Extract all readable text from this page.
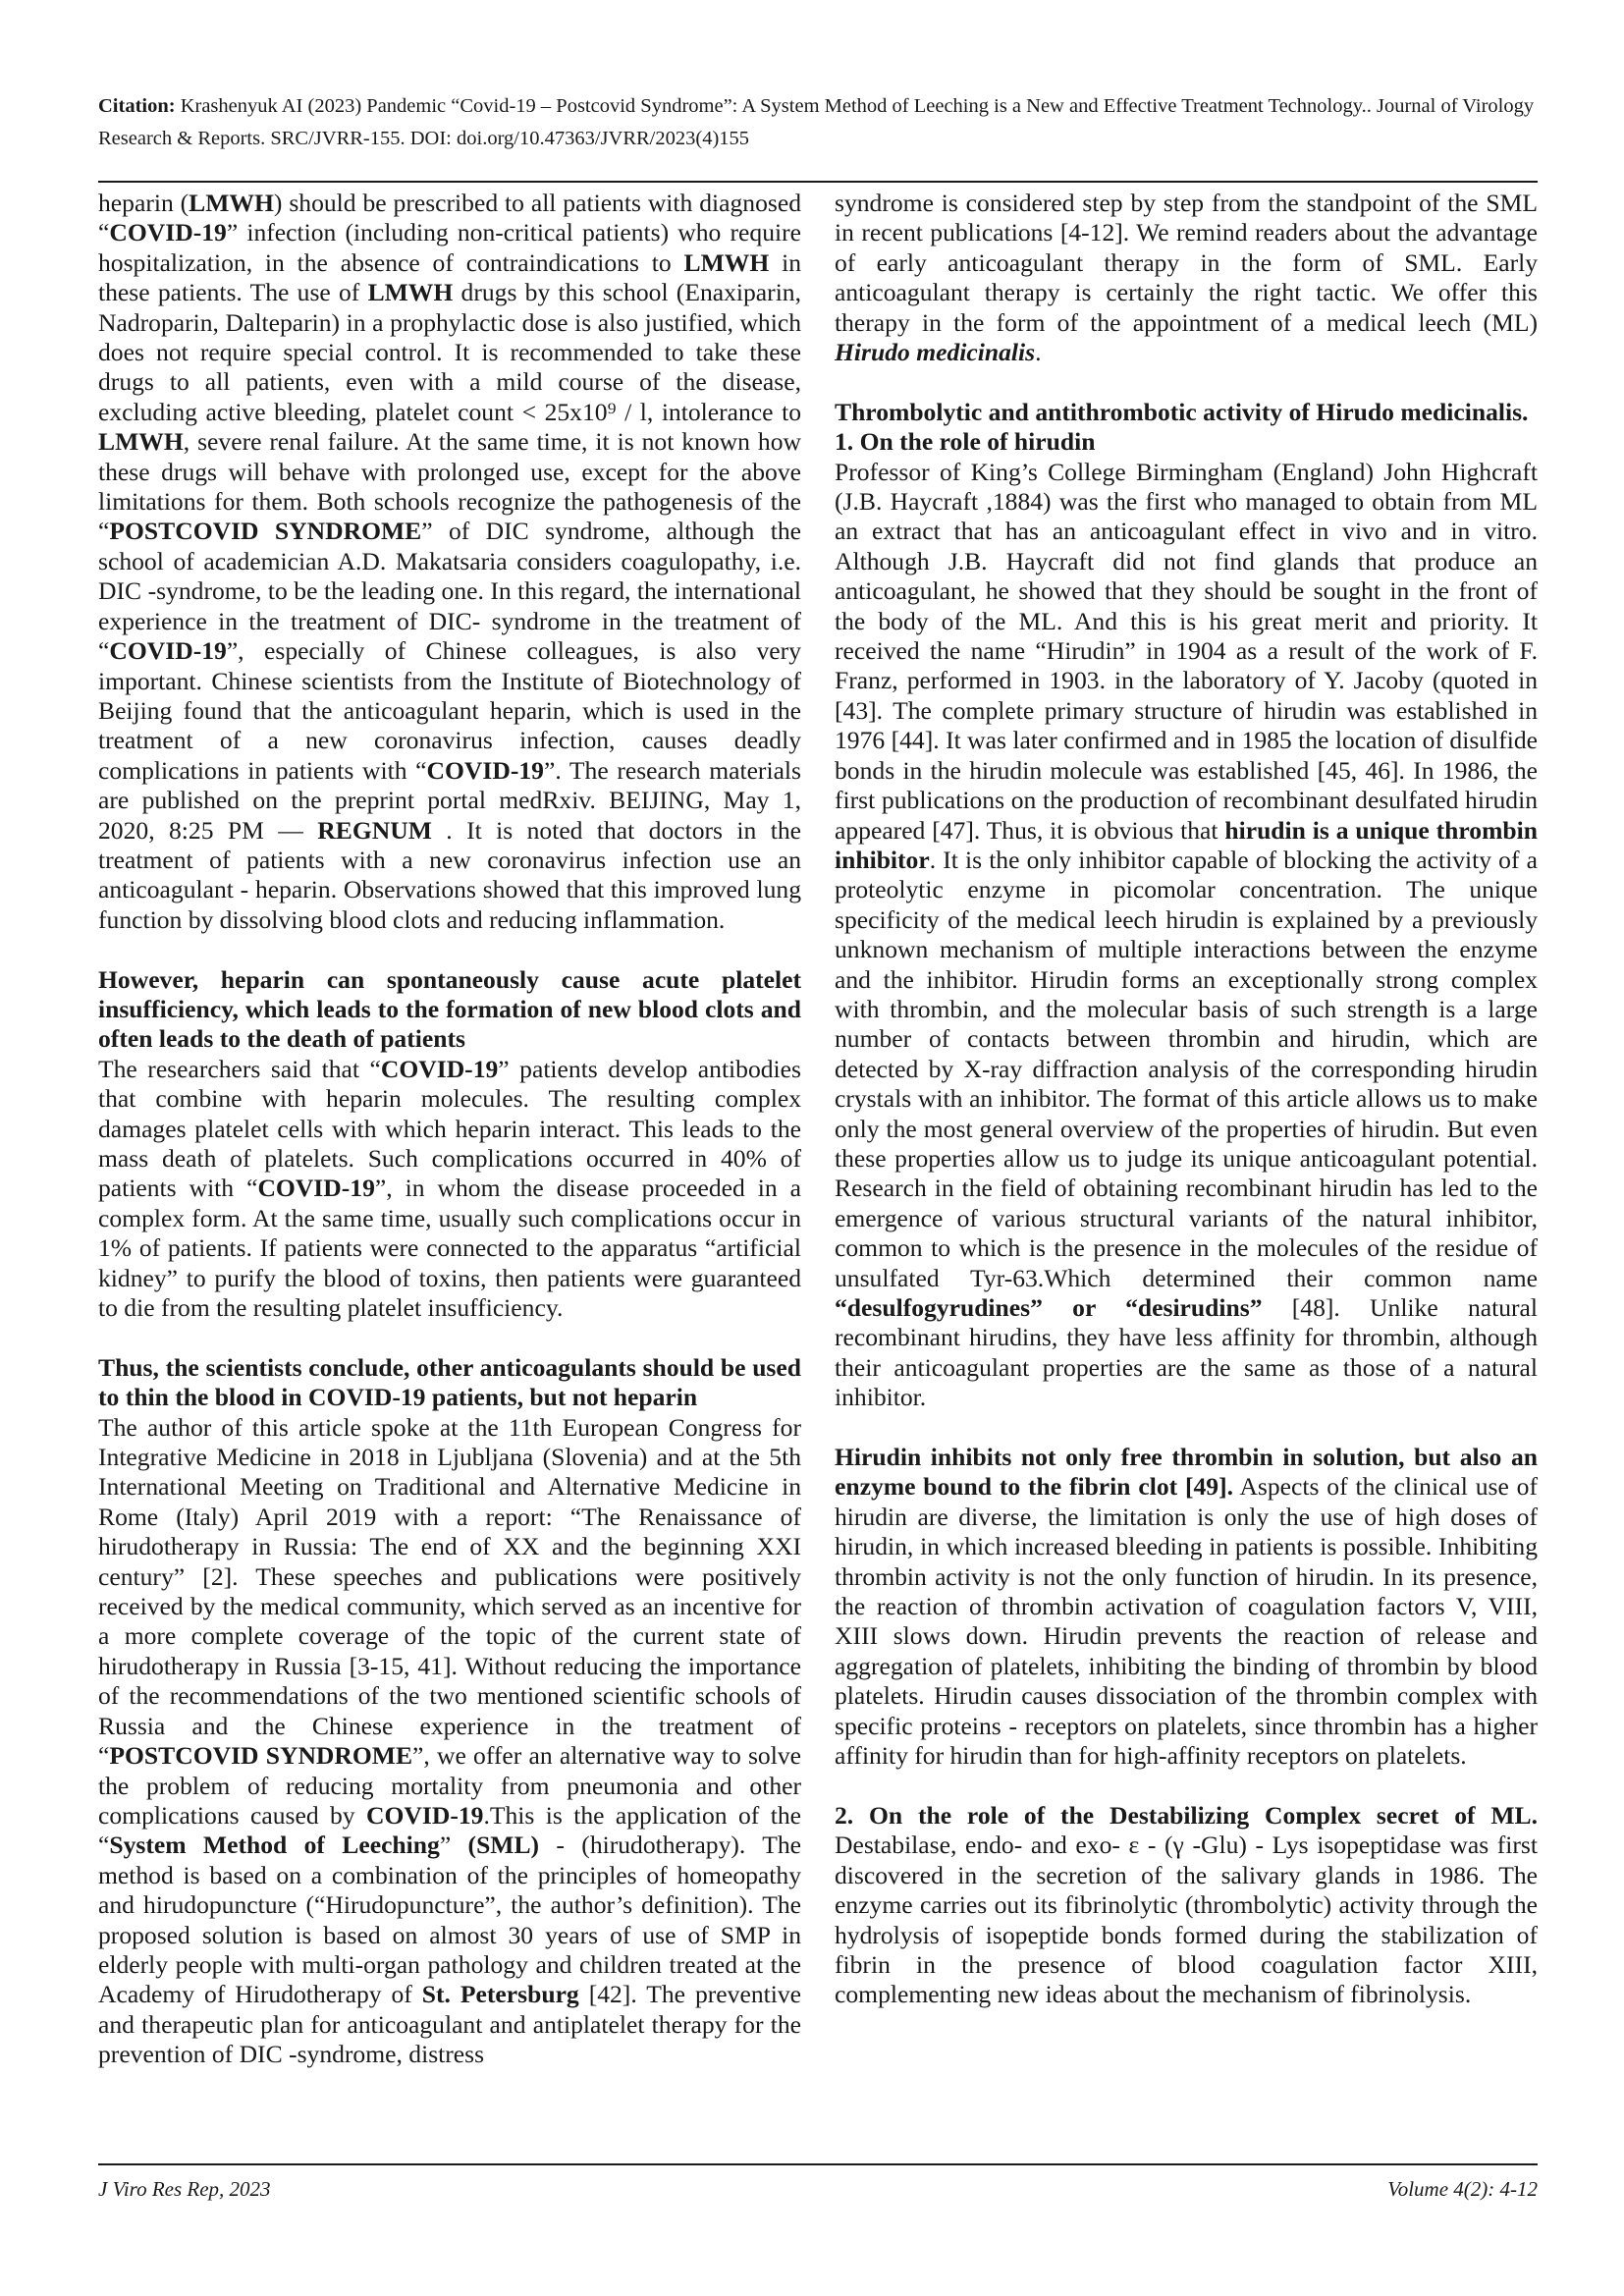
Citation: Krashenyuk AI (2023) Pandemic “Covid-19 – Postcovid Syndrome”: A System Method of Leeching is a New and Effective Treatment Technology.. Journal of Virology Research & Reports. SRC/JVRR-155. DOI: doi.org/10.47363/JVRR/2023(4)155

heparin (LMWH) should be prescribed to all patients with diagnosed “COVID-19” infection (including non-critical patients) who require hospitalization, in the absence of contraindications to LMWH in these patients. The use of LMWH drugs by this school (Enaxiparin, Nadroparin, Dalteparin) in a prophylactic dose is also justified, which does not require special control. It is recommended to take these drugs to all patients, even with a mild course of the disease, excluding active bleeding, platelet count < 25x10⁹ / l, intolerance to LMWH, severe renal failure. At the same time, it is not known how these drugs will behave with prolonged use, except for the above limitations for them. Both schools recognize the pathogenesis of the “POSTCOVID SYNDROME” of DIC syndrome, although the school of academician A.D. Makatsaria considers coagulopathy, i.e. DIC -syndrome, to be the leading one. In this regard, the international experience in the treatment of DIC- syndrome in the treatment of “COVID-19”, especially of Chinese colleagues, is also very important. Chinese scientists from the Institute of Biotechnology of Beijing found that the anticoagulant heparin, which is used in the treatment of a new coronavirus infection, causes deadly complications in patients with “COVID-19”. The research materials are published on the preprint portal medRxiv. BEIJING, May 1, 2020, 8:25 PM — REGNUM . It is noted that doctors in the treatment of patients with a new coronavirus infection use an anticoagulant - heparin. Observations showed that this improved lung function by dissolving blood clots and reducing inflammation.

However, heparin can spontaneously cause acute platelet insufficiency, which leads to the formation of new blood clots and often leads to the death of patients

The researchers said that “COVID-19” patients develop antibodies that combine with heparin molecules. The resulting complex damages platelet cells with which heparin interact. This leads to the mass death of platelets. Such complications occurred in 40% of patients with “COVID-19”, in whom the disease proceeded in a complex form. At the same time, usually such complications occur in 1% of patients. If patients were connected to the apparatus “artificial kidney” to purify the blood of toxins, then patients were guaranteed to die from the resulting platelet insufficiency.

Thus, the scientists conclude, other anticoagulants should be used to thin the blood in COVID-19 patients, but not heparin

The author of this article spoke at the 11th European Congress for Integrative Medicine in 2018 in Ljubljana (Slovenia) and at the 5th International Meeting on Traditional and Alternative Medicine in Rome (Italy) April 2019 with a report: “The Renaissance of hirudotherapy in Russia: The end of XX and the beginning XXI century” [2]. These speeches and publications were positively received by the medical community, which served as an incentive for a more complete coverage of the topic of the current state of hirudotherapy in Russia [3-15, 41]. Without reducing the importance of the recommendations of the two mentioned scientific schools of Russia and the Chinese experience in the treatment of “POSTCOVID SYNDROME”, we offer an alternative way to solve the problem of reducing mortality from pneumonia and other complications caused by COVID-19.This is the application of the “System Method of Leeching” (SML) - (hirudotherapy). The method is based on a combination of the principles of homeopathy and hirudopuncture (“Hirudopuncture”, the author’s definition). The proposed solution is based on almost 30 years of use of SMP in elderly people with multi-organ pathology and children treated at the Academy of Hirudotherapy of St. Petersburg [42]. The preventive and therapeutic plan for anticoagulant and antiplatelet therapy for the prevention of DIC -syndrome, distress

syndrome is considered step by step from the standpoint of the SML in recent publications [4-12]. We remind readers about the advantage of early anticoagulant therapy in the form of SML. Early anticoagulant therapy is certainly the right tactic. We offer this therapy in the form of the appointment of a medical leech (ML) Hirudo medicinalis.

Thrombolytic and antithrombotic activity of Hirudo medicinalis.

1. On the role of hirudin

Professor of King’s College Birmingham (England) John Highcraft (J.B. Haycraft ,1884) was the first who managed to obtain from ML an extract that has an anticoagulant effect in vivo and in vitro. Although J.B. Haycraft did not find glands that produce an anticoagulant, he showed that they should be sought in the front of the body of the ML. And this is his great merit and priority. It received the name “Hirudin” in 1904 as a result of the work of F. Franz, performed in 1903. in the laboratory of Y. Jacoby (quoted in [43]. The complete primary structure of hirudin was established in 1976 [44]. It was later confirmed and in 1985 the location of disulfide bonds in the hirudin molecule was established [45, 46]. In 1986, the first publications on the production of recombinant desulfated hirudin appeared [47]. Thus, it is obvious that hirudin is a unique thrombin inhibitor. It is the only inhibitor capable of blocking the activity of a proteolytic enzyme in picomolar concentration. The unique specificity of the medical leech hirudin is explained by a previously unknown mechanism of multiple interactions between the enzyme and the inhibitor. Hirudin forms an exceptionally strong complex with thrombin, and the molecular basis of such strength is a large number of contacts between thrombin and hirudin, which are detected by X-ray diffraction analysis of the corresponding hirudin crystals with an inhibitor. The format of this article allows us to make only the most general overview of the properties of hirudin. But even these properties allow us to judge its unique anticoagulant potential. Research in the field of obtaining recombinant hirudin has led to the emergence of various structural variants of the natural inhibitor, common to which is the presence in the molecules of the residue of unsulfated Tyr-63.Which determined their common name “desulfogyrudines” or “desirudins” [48]. Unlike natural recombinant hirudins, they have less affinity for thrombin, although their anticoagulant properties are the same as those of a natural inhibitor.

Hirudin inhibits not only free thrombin in solution, but also an enzyme bound to the fibrin clot [49]. Aspects of the clinical use of hirudin are diverse, the limitation is only the use of high doses of hirudin, in which increased bleeding in patients is possible. Inhibiting thrombin activity is not the only function of hirudin. In its presence, the reaction of thrombin activation of coagulation factors V, VIII, XIII slows down. Hirudin prevents the reaction of release and aggregation of platelets, inhibiting the binding of thrombin by blood platelets. Hirudin causes dissociation of the thrombin complex with specific proteins - receptors on platelets, since thrombin has a higher affinity for hirudin than for high-affinity receptors on platelets.

2. On the role of the Destabilizing Complex secret of ML. Destabilase, endo- and exo- ε - (γ -Glu) - Lys isopeptidase was first discovered in the secretion of the salivary glands in 1986. The enzyme carries out its fibrinolytic (thrombolytic) activity through the hydrolysis of isopeptide bonds formed during the stabilization of fibrin in the presence of blood coagulation factor XIII, complementing new ideas about the mechanism of fibrinolysis.

J Viro Res Rep, 2023	Volume 4(2): 4-12
